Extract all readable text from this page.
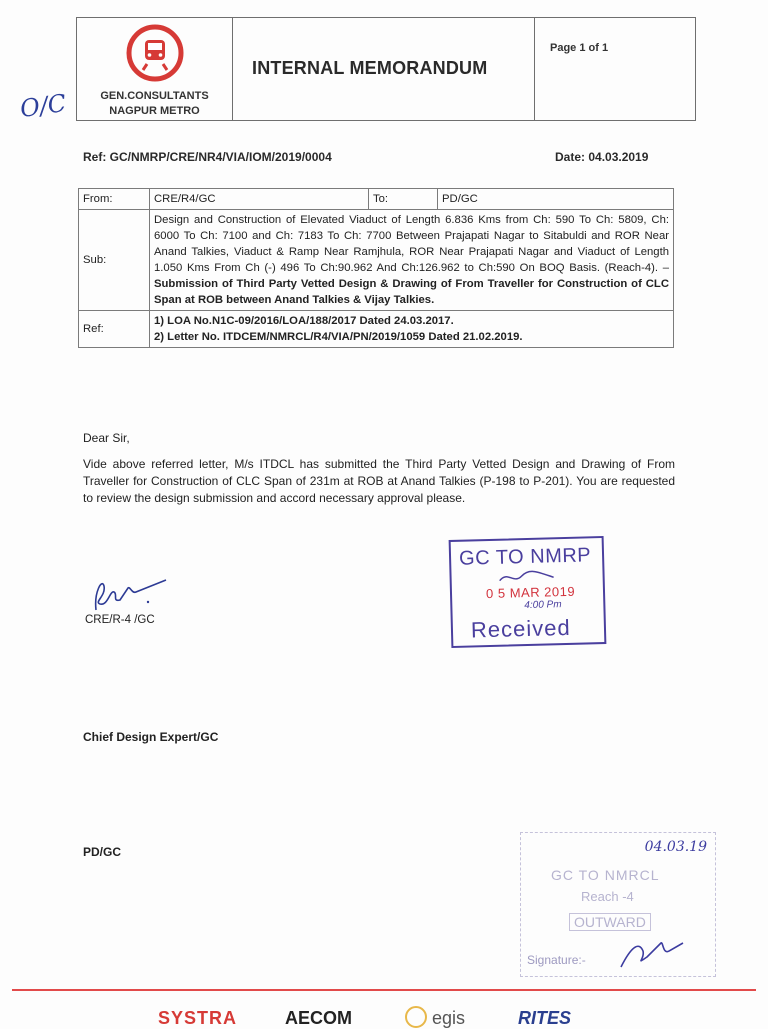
GEN.CONSULTANTS
NAGPUR METRO
INTERNAL MEMORANDUM
Page 1 of 1
O/C
Ref: GC/NMRP/CRE/NR4/VIA/IOM/2019/0004	Date: 04.03.2019
From:	CRE/R4/GC	To:	PD/GC
Sub:	Design and Construction of Elevated Viaduct of Length 6.836 Kms from Ch: 590 To Ch: 5809, Ch: 6000 To Ch: 7100 and Ch: 7183 To Ch: 7700 Between Prajapati Nagar to Sitabuldi and ROR Near Anand Talkies, Viaduct & Ramp Near Ramjhula, ROR Near Prajapati Nagar and Viaduct of Length 1.050 Kms From Ch (-) 496 To Ch:90.962 And Ch:126.962 to Ch:590 On BOQ Basis. (Reach-4). – Submission of Third Party Vetted Design & Drawing of From Traveller for Construction of CLC Span at ROB between Anand Talkies & Vijay Talkies.		
Ref:	1) LOA No.N1C-09/2016/LOA/188/2017 Dated 24.03.2017.
2) Letter No. ITDCEM/NMRCL/R4/VIA/PN/2019/1059 Dated 21.02.2019.		
Dear Sir,
Vide above referred letter, M/s ITDCL has submitted the Third Party Vetted Design and Drawing of From Traveller for Construction of CLC Span of 231m at ROB at Anand Talkies (P-198 to P-201). You are requested to review the design submission and accord necessary approval please.
GC TO NMRP
0 5 MAR 2019
4:00 Pm
Received
CRE/R-4 /GC
Chief Design Expert/GC
PD/GC	04.03.19
GC TO NMRCL
Reach -4
OUTWARD
Signature:-
SYSTRA	AECOM	egis	RITES
